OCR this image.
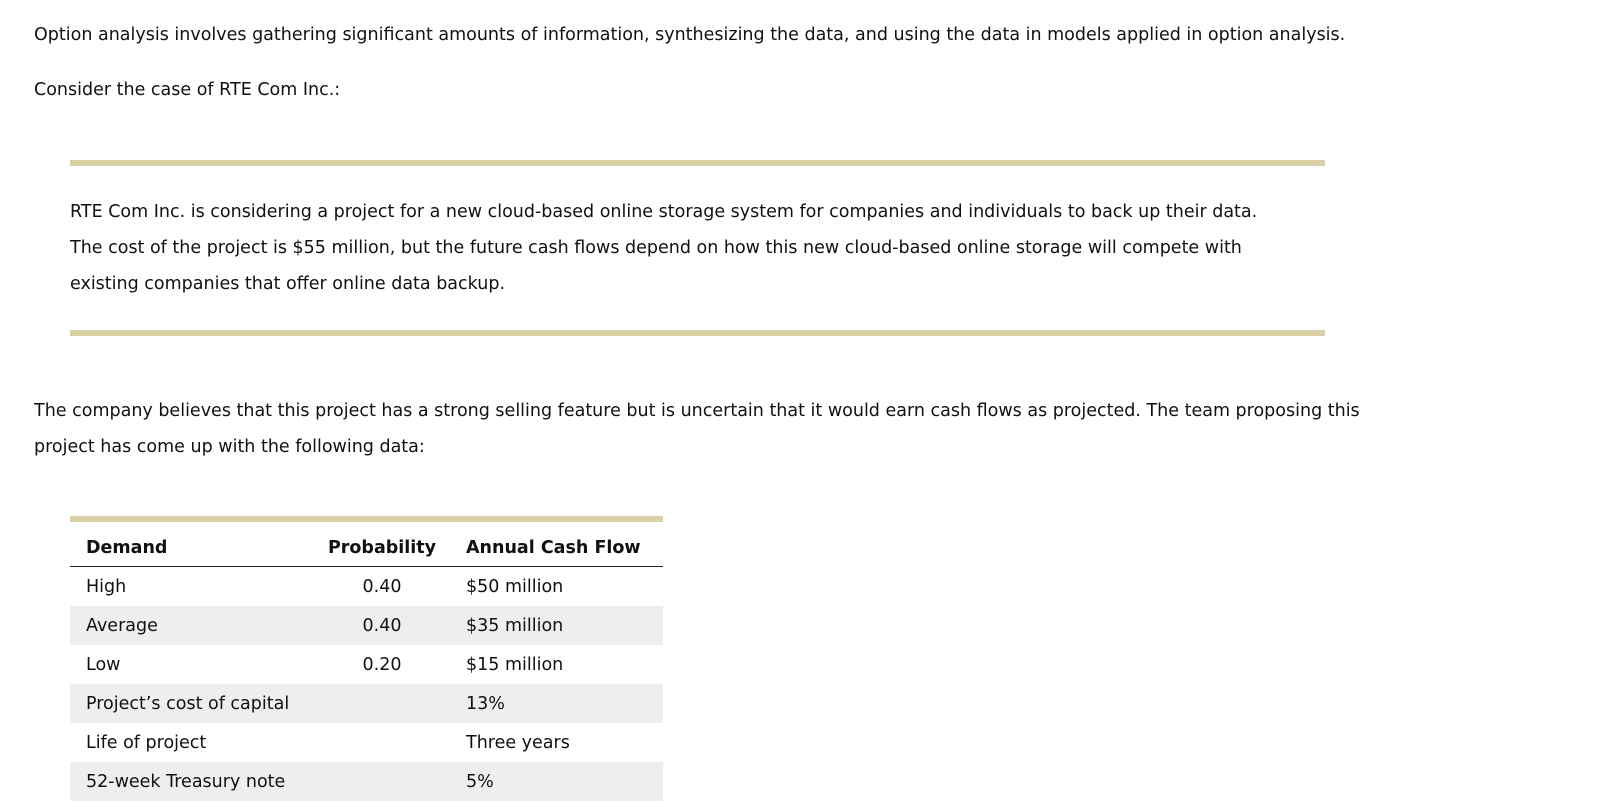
Option analysis involves gathering significant amounts of information, synthesizing the data, and using the data in models applied in option analysis.

Consider the case of RTE Com Inc.:

RTE Com Inc. is considering a project for a new cloud-based online storage system for companies and individuals to back up their data.
The cost of the project is $55 million, but the future cash flows depend on how this new cloud-based online storage will compete with
existing companies that offer online data backup.
The company believes that this project has a strong selling feature but is uncertain that it would earn cash flows as projected. The team proposing this
project has come up with the following data:
Demand	Probability	Annual Cash Flow
High	0.40	$50 million
Average	0.40	$35 million
Low	0.20	$15 million
Project’s cost of capital		13%
Life of project		Three years
52-week Treasury note		5%
